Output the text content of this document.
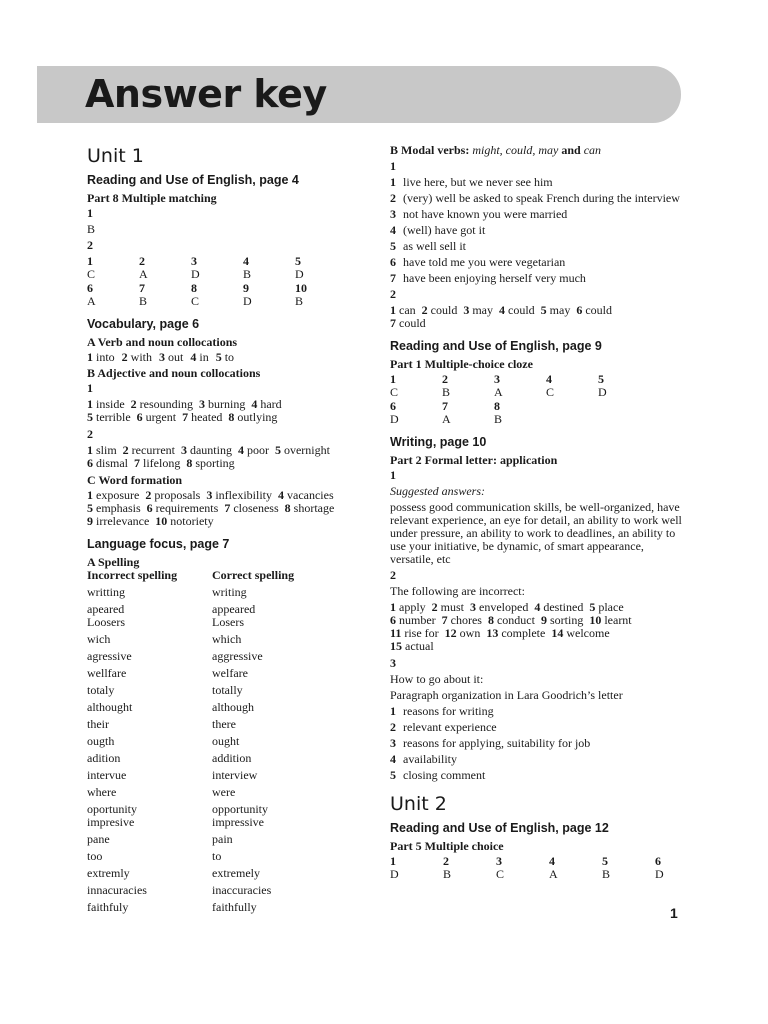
Answer key
Unit 1
Reading and Use of English, page 4
Part 8 Multiple matching
1
B
2
1 C
2 A
3 D
4 B
5 D
6 A
7 B
8 C
9 D
10 B
Vocabulary, page 6
A Verb and noun collocations
1 into 2 with 3 out 4 in 5 to
B Adjective and noun collocations
1
1 inside 2 resounding 3 burning 4 hard
5 terrible 6 urgent 7 heated 8 outlying
2
1 slim 2 recurrent 3 daunting 4 poor 5 overnight
6 dismal 7 lifelong 8 sporting
C Word formation
1 exposure 2 proposals 3 inflexibility 4 vacancies
5 emphasis 6 requirements 7 closeness 8 shortage
9 irrelevance 10 notoriety
Language focus, page 7
A Spelling
Incorrect spelling	Correct spelling
writting	writing
apeared	appeared
Loosers	Losers
wich	which
agressive	aggressive
wellfare	welfare
totaly	totally
althought	although
their	there
ougth	ought
adition	addition
intervue	interview
where	were
oportunity	opportunity
impresive	impressive
pane	pain
too	to
extremly	extremely
innacuracies	inaccuracies
faithfuly	faithfully
B Modal verbs: might, could, may and can
1
1 live here, but we never see him
2 (very) well be asked to speak French during the interview
3 not have known you were married
4 (well) have got it
5 as well sell it
6 have told me you were vegetarian
7 have been enjoying herself very much
2
1 can 2 could 3 may 4 could 5 may 6 could
7 could
Reading and Use of English, page 9
Part 1 Multiple-choice cloze
1 C
2 B
3 A
4 C
5 D
6 D
7 A
8 B
Writing, page 10
Part 2 Formal letter: application
1
Suggested answers:
possess good communication skills, be well-organized, have relevant experience, an eye for detail, an ability to work well under pressure, an ability to work to deadlines, an ability to use your initiative, be dynamic, of smart appearance, versatile, etc
2
The following are incorrect:
1 apply 2 must 3 enveloped 4 destined 5 place
6 number 7 chores 8 conduct 9 sorting 10 learnt
11 rise for 12 own 13 complete 14 welcome
15 actual
3
How to go about it:
Paragraph organization in Lara Goodrich’s letter
1 reasons for writing
2 relevant experience
3 reasons for applying, suitability for job
4 availability
5 closing comment
Unit 2
Reading and Use of English, page 12
Part 5 Multiple choice
1 D
2 B
3 C
4 A
5 B
6 D
1
